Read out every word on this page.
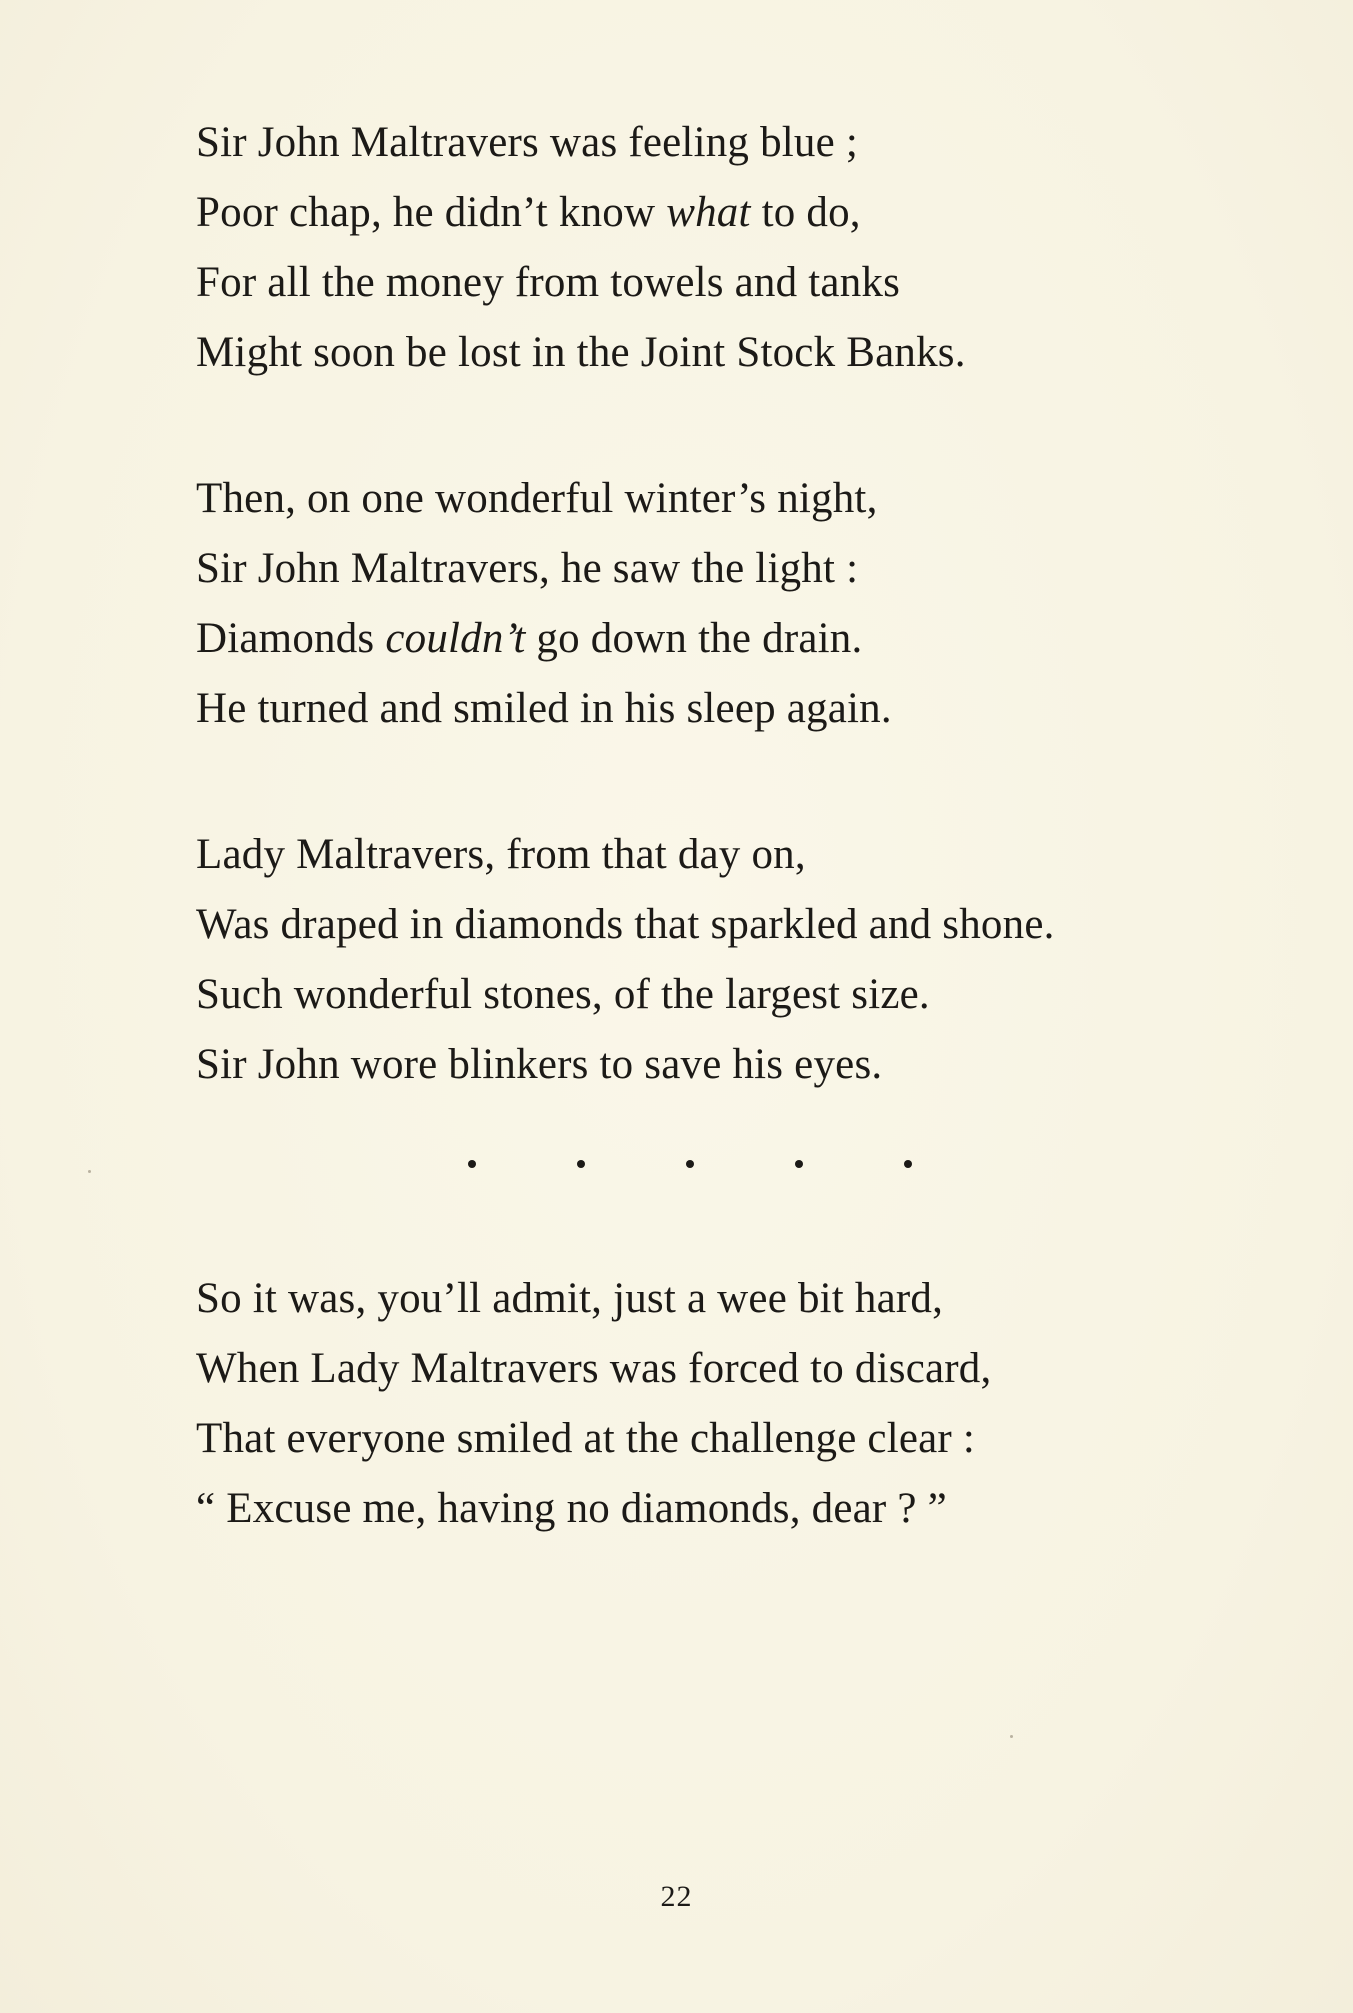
Sir John Maltravers was feeling blue ;
Poor chap, he didn’t know what to do,
For all the money from towels and tanks
Might soon be lost in the Joint Stock Banks.
Then, on one wonderful winter’s night,
Sir John Maltravers, he saw the light :
Diamonds couldn’t go down the drain.
He turned and smiled in his sleep again.
Lady Maltravers, from that day on,
Was draped in diamonds that sparkled and shone.
Such wonderful stones, of the largest size.
Sir John wore blinkers to save his eyes.
So it was, you’ll admit, just a wee bit hard,
When Lady Maltravers was forced to discard,
That everyone smiled at the challenge clear :
“ Excuse me, having no diamonds, dear ? ”
22
